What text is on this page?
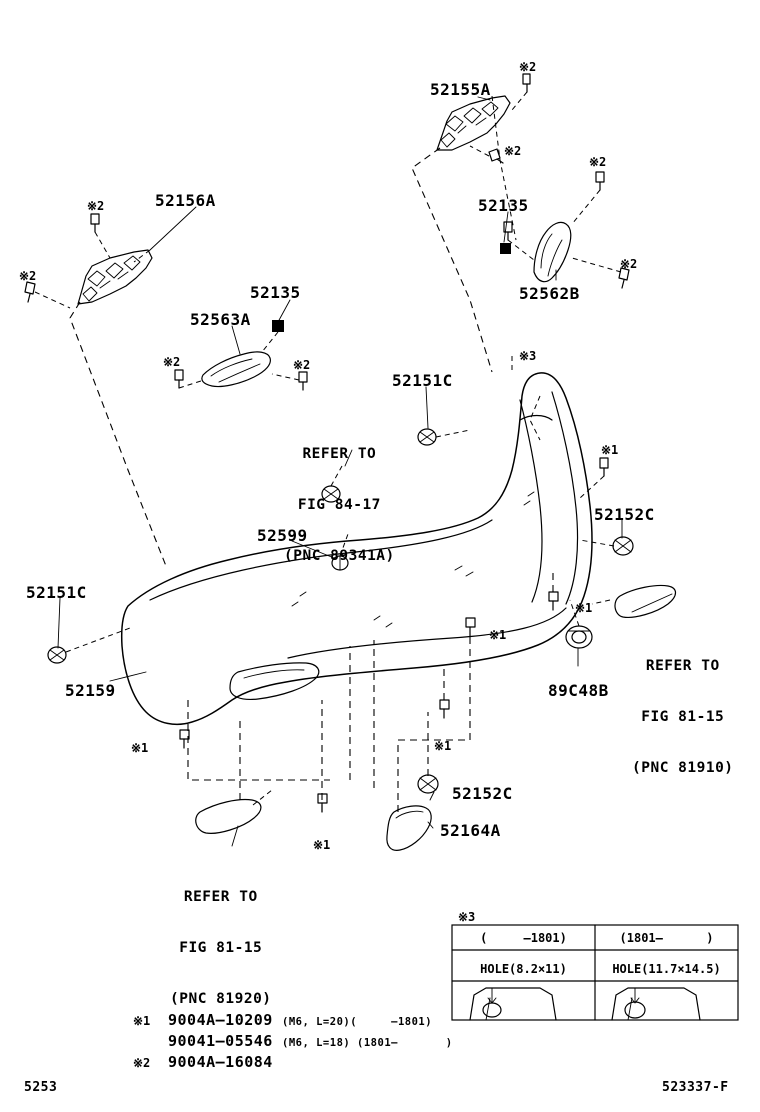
52155A
52156A	52135
52562B
52135
52563A
52151C
52152C
52599
52151C
52159	89C48B
52152C
52164A
※2
※2
※2
※2
※2
※2
※2	※2
※3
※1
※1
※1
※1	※1
※1

REFER TO

FIG 84-17

(PNC 89341A)

REFER TO

FIG 81-15

(PNC 81910)

REFER TO

FIG 81-15

(PNC 81920)

※3
(     –1801)	(1801–      )
HOLE(8.2×11)	HOLE(11.7×14.5)
※1 9004A–10209 (M6, L=20)(     –1801)
90041–05546 (M6, L=18) (1801–       )
※2 9004A–16084
5253	523337-F
